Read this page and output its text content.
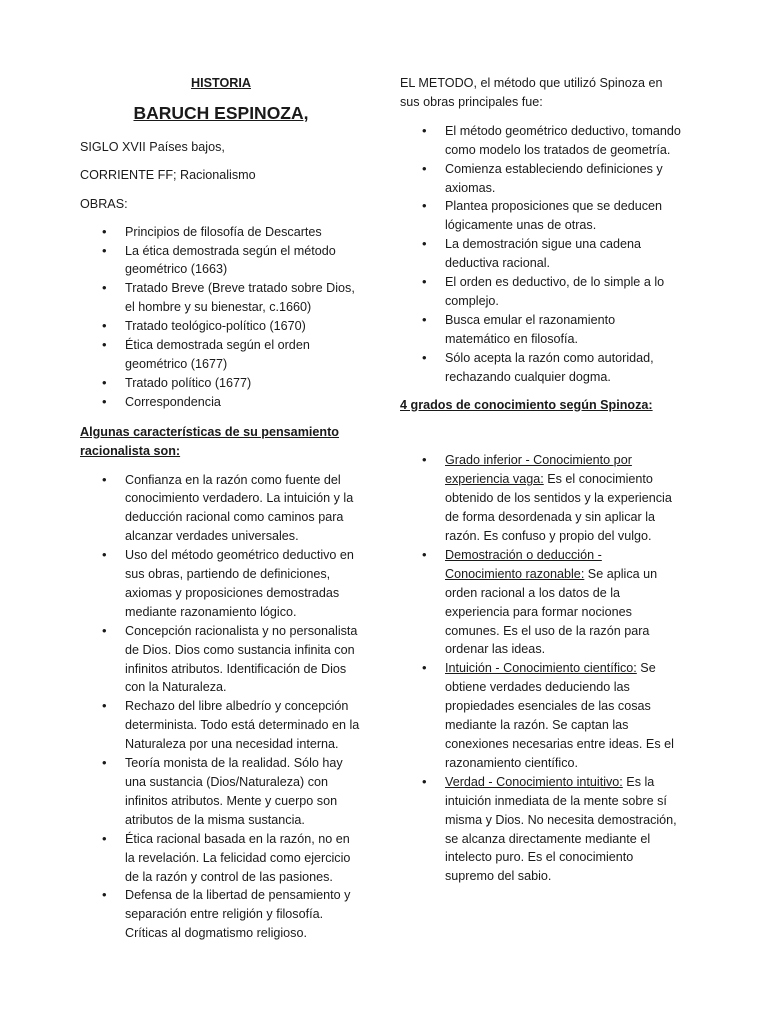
HISTORIA

BARUCH ESPINOZA,

SIGLO XVII Países bajos,

CORRIENTE FF; Racionalismo

OBRAS:

• Principios de filosofía de Descartes
• La ética demostrada según el método geométrico (1663)
• Tratado Breve (Breve tratado sobre Dios, el hombre y su bienestar, c.1660)
• Tratado teológico-político (1670)
• Ética demostrada según el orden geométrico (1677)
• Tratado político (1677)
• Correspondencia

Algunas características de su pensamiento racionalista son:

• Confianza en la razón como fuente del conocimiento verdadero. La intuición y la deducción racional como caminos para alcanzar verdades universales.
• Uso del método geométrico deductivo en sus obras, partiendo de definiciones, axiomas y proposiciones demostradas mediante razonamiento lógico.
• Concepción racionalista y no personalista de Dios. Dios como sustancia infinita con infinitos atributos. Identificación de Dios con la Naturaleza.
• Rechazo del libre albedrío y concepción determinista. Todo está determinado en la Naturaleza por una necesidad interna.
• Teoría monista de la realidad. Sólo hay una sustancia (Dios/Naturaleza) con infinitos atributos. Mente y cuerpo son atributos de la misma sustancia.
• Ética racional basada en la razón, no en la revelación. La felicidad como ejercicio de la razón y control de las pasiones.
• Defensa de la libertad de pensamiento y separación entre religión y filosofía. Críticas al dogmatismo religioso.

EL METODO, el método que utilizó Spinoza en sus obras principales fue:

• El método geométrico deductivo, tomando como modelo los tratados de geometría.
• Comienza estableciendo definiciones y axiomas.
• Plantea proposiciones que se deducen lógicamente unas de otras.
• La demostración sigue una cadena deductiva racional.
• El orden es deductivo, de lo simple a lo complejo.
• Busca emular el razonamiento matemático en filosofía.
• Sólo acepta la razón como autoridad, rechazando cualquier dogma.

4 grados de conocimiento según Spinoza:

• Grado inferior - Conocimiento por experiencia vaga: Es el conocimiento obtenido de los sentidos y la experiencia de forma desordenada y sin aplicar la razón. Es confuso y propio del vulgo.
• Demostración o deducción - Conocimiento razonable: Se aplica un orden racional a los datos de la experiencia para formar nociones comunes. Es el uso de la razón para ordenar las ideas.
• Intuición - Conocimiento científico: Se obtiene verdades deduciendo las propiedades esenciales de las cosas mediante la razón. Se captan las conexiones necesarias entre ideas. Es el razonamiento científico.
• Verdad - Conocimiento intuitivo: Es la intuición inmediata de la mente sobre sí misma y Dios. No necesita demostración, se alcanza directamente mediante el intelecto puro. Es el conocimiento supremo del sabio.
